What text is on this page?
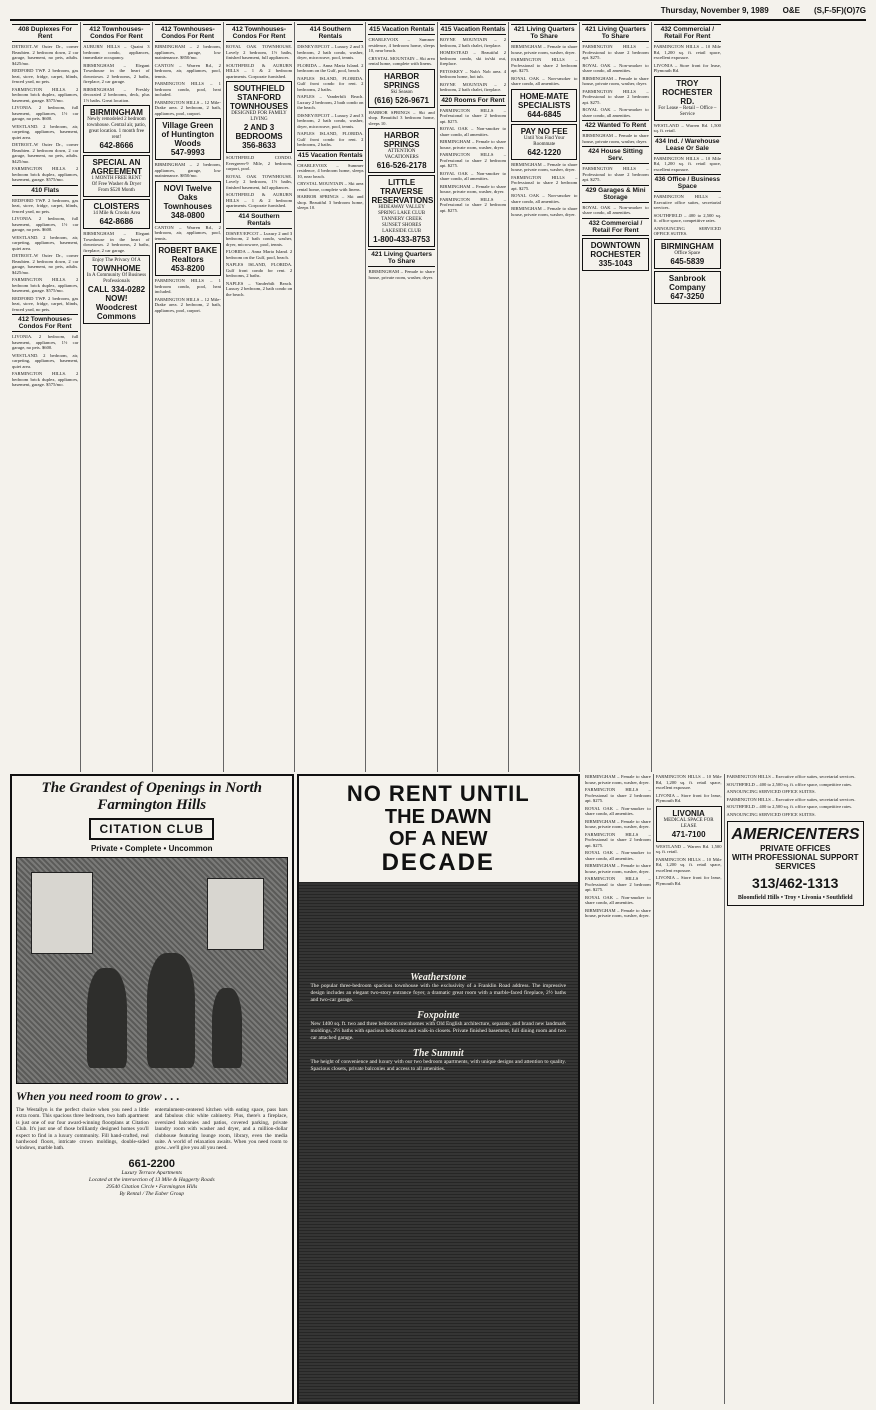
Thursday, November 9, 1989 O&E (S,F-5F)(O)7G
408 Duplexes For Rent
DETROIT–W Outer Dr., corner Beaubien. 2 bedroom down, 2 car garage, basement, no pets, adults. $425/mo.
REDFORD TWP. 2 bedroom, gas heat, stove, fridge, carpet, blinds, fenced yard, no pets.
FARMINGTON HILLS. 2 bedroom brick duplex, appliances, basement, garage. $575/mo.
LIVONIA. 2 bedroom, full basement, appliances, 1½ car garage, no pets. $600.
WESTLAND. 2 bedroom, air, carpeting, appliances, basement, quiet area.
DETROIT–W Outer Dr., corner Beaubien. 2 bedroom down, 2 car garage, basement, no pets, adults. $425/mo.
FARMINGTON HILLS. 2 bedroom brick duplex, appliances, basement, garage. $575/mo.
410 Flats
REDFORD TWP. 2 bedroom, gas heat, stove, fridge, carpet, blinds, fenced yard, no pets.
LIVONIA. 2 bedroom, full basement, appliances, 1½ car garage, no pets. $600.
WESTLAND. 2 bedroom, air, carpeting, appliances, basement, quiet area.
DETROIT–W Outer Dr., corner Beaubien. 2 bedroom down, 2 car garage, basement, no pets, adults. $425/mo.
FARMINGTON HILLS. 2 bedroom brick duplex, appliances, basement, garage. $575/mo.
REDFORD TWP. 2 bedroom, gas heat, stove, fridge, carpet, blinds, fenced yard, no pets.
412 Townhouses-Condos For Rent
LIVONIA. 2 bedroom, full basement, appliances, 1½ car garage, no pets. $600.
WESTLAND. 2 bedroom, air, carpeting, appliances, basement, quiet area.
FARMINGTON HILLS. 2 bedroom brick duplex, appliances, basement, garage. $575/mo.
412 Townhouses-Condos For Rent
AUBURN HILLS – Quaint 3 bedroom condo, appliances, immediate occupancy.
BIRMINGHAM – Elegant Townhouse in the heart of downtown. 2 bedrooms, 2 baths, fireplace, 2 car garage.
BIRMINGHAM – Freshly decorated 2 bedrooms, deck, plus 1½ baths. Great location.
BIRMINGHAM
Newly remodeled 2 bedroom townhouse. Central air, patio, great location. 1 month free rent!
642-8666
SPECIAL AN AGREEMENT
1 MONTH FREE RENT
Of Free Washer & Dryer
From $520 Month
CLOISTERS
14 Mile & Crooks Area
642-8686
BIRMINGHAM – Elegant Townhouse in the heart of downtown. 2 bedrooms, 2 baths, fireplace, 2 car garage.
Enjoy The Privacy Of A
TOWNHOME
In A Community Of Business Professionals
CALL 334-0282 NOW!
Woodcrest Commons
412 Townhouses-Condos For Rent
BIRMINGHAM – 2 bedroom, appliances, garage, low maintenance. $850/mo.
CANTON – Warren Rd., 2 bedroom, air, appliances, pool, tennis.
FARMINGTON HILLS – 1 bedroom condo, pool, heat included.
FARMINGTON HILLS – 12 Mile-Drake area. 2 bedroom, 2 bath, appliances, pool, carport.
Village Green of Huntington Woods
547-9993
BIRMINGHAM – 2 bedroom, appliances, garage, low maintenance. $850/mo.
NOVI Twelve Oaks Townhouses
348-0800
CANTON – Warren Rd., 2 bedroom, air, appliances, pool, tennis.
ROBERT BAKE Realtors
453-8200
FARMINGTON HILLS – 1 bedroom condo, pool, heat included.
FARMINGTON HILLS – 12 Mile-Drake area. 2 bedroom, 2 bath, appliances, pool, carport.
412 Townhouses-Condos For Rent
ROYAL OAK TOWNHOUSE. Lovely 2 bedroom, 1½ baths, finished basement, full appliances.
SOUTHFIELD & AUBURN HILLS – 1 & 2 bedroom apartments. Corporate furnished.
SOUTHFIELD STANFORD TOWNHOUSES
DESIGNED FOR FAMILY LIVING
2 AND 3 BEDROOMS
356-8633
SOUTHFIELD CONDO. Evergreen-9 Mile, 2 bedroom, carport, pool.
ROYAL OAK TOWNHOUSE. Lovely 2 bedroom, 1½ baths, finished basement, full appliances.
SOUTHFIELD & AUBURN HILLS – 1 & 2 bedroom apartments. Corporate furnished.
414 Southern Rentals
DISNEY/EPCOT – Luxury 2 and 3 bedroom, 2 bath condo, washer, dryer, microwave, pool, tennis.
FLORIDA – Anna Maria Island. 2 bedroom on the Gulf, pool, beach.
NAPLES ISLAND, FLORIDA. Gulf front condo for rent. 2 bedrooms, 2 baths.
NAPLES – Vanderbilt Beach. Luxury 2 bedroom, 2 bath condo on the beach.
414 Southern Rentals
DISNEY/EPCOT – Luxury 2 and 3 bedroom, 2 bath condo, washer, dryer, microwave, pool, tennis.
FLORIDA – Anna Maria Island. 2 bedroom on the Gulf, pool, beach.
NAPLES ISLAND, FLORIDA. Gulf front condo for rent. 2 bedrooms, 2 baths.
NAPLES – Vanderbilt Beach. Luxury 2 bedroom, 2 bath condo on the beach.
DISNEY/EPCOT – Luxury 2 and 3 bedroom, 2 bath condo, washer, dryer, microwave, pool, tennis.
NAPLES ISLAND, FLORIDA. Gulf front condo for rent. 2 bedrooms, 2 baths.
415 Vacation Rentals
CHARLEVOIX – Summer residence, 4 bedroom home, sleeps 10, near beach.
CRYSTAL MOUNTAIN – Ski area rental home, complete with linens.
HARBOR SPRINGS – Ski and shop. Beautiful 3 bedroom home, sleeps 10.
415 Vacation Rentals
CHARLEVOIX – Summer residence, 4 bedroom home, sleeps 10, near beach.
CRYSTAL MOUNTAIN – Ski area rental home, complete with linens.
HARBOR SPRINGS
Ski Season
(616) 526-9671
HARBOR SPRINGS – Ski and shop. Beautiful 3 bedroom home, sleeps 10.
HARBOR SPRINGS
ATTENTION VACATIONERS
616-526-2178
LITTLE TRAVERSE RESERVATIONS
HIDEAWAY VALLEY
SPRING LAKE CLUB
TANNERY CREEK
SUNSET SHORES
LAKESIDE CLUB
1-800-433-8753
421 Living Quarters To Share
BIRMINGHAM – Female to share house, private room, washer, dryer.
415 Vacation Rentals
BOYNE MOUNTAIN – 2 bedroom, 2 bath chalet, fireplace.
HOMESTEAD – Beautiful 2 bedroom condo, ski in/ski out, fireplace.
PETOSKEY – Nub's Nob area. 4 bedroom home, hot tub.
BOYNE MOUNTAIN – 2 bedroom, 2 bath chalet, fireplace.
420 Rooms For Rent
FARMINGTON HILLS – Professional to share 2 bedroom apt. $275.
ROYAL OAK – Non-smoker to share condo, all amenities.
BIRMINGHAM – Female to share house, private room, washer, dryer.
FARMINGTON HILLS – Professional to share 2 bedroom apt. $275.
ROYAL OAK – Non-smoker to share condo, all amenities.
BIRMINGHAM – Female to share house, private room, washer, dryer.
FARMINGTON HILLS – Professional to share 2 bedroom apt. $275.
421 Living Quarters To Share
BIRMINGHAM – Female to share house, private room, washer, dryer.
FARMINGTON HILLS – Professional to share 2 bedroom apt. $275.
ROYAL OAK – Non-smoker to share condo, all amenities.
HOME-MATE SPECIALISTS
644-6845
PAY NO FEE
Until You Find Your Roommate
642-1220
BIRMINGHAM – Female to share house, private room, washer, dryer.
FARMINGTON HILLS – Professional to share 2 bedroom apt. $275.
ROYAL OAK – Non-smoker to share condo, all amenities.
BIRMINGHAM – Female to share house, private room, washer, dryer.
421 Living Quarters To Share
FARMINGTON HILLS – Professional to share 2 bedroom apt. $275.
ROYAL OAK – Non-smoker to share condo, all amenities.
BIRMINGHAM – Female to share house, private room, washer, dryer.
FARMINGTON HILLS – Professional to share 2 bedroom apt. $275.
ROYAL OAK – Non-smoker to share condo, all amenities.
422 Wanted To Rent
BIRMINGHAM – Female to share house, private room, washer, dryer.
424 House Sitting Serv.
FARMINGTON HILLS – Professional to share 2 bedroom apt. $275.
429 Garages & Mini Storage
ROYAL OAK – Non-smoker to share condo, all amenities.
432 Commercial / Retail For Rent
DOWNTOWN ROCHESTER
335-1043
432 Commercial / Retail For Rent
FARMINGTON HILLS – 10 Mile Rd, 1,200 sq. ft. retail space, excellent exposure.
LIVONIA – Store front for lease, Plymouth Rd.
TROY ROCHESTER RD.
For Lease – Retail – Office – Service
WESTLAND – Warren Rd. 1,500 sq. ft. retail.
434 Ind. / Warehouse Lease Or Sale
FARMINGTON HILLS – 10 Mile Rd, 1,200 sq. ft. retail space, excellent exposure.
436 Office / Business Space
FARMINGTON HILLS – Executive office suites, secretarial services.
SOUTHFIELD – 400 to 2,500 sq. ft. office space, competitive rates.
ANNOUNCING SERVICED OFFICE SUITES.
BIRMINGHAM
Office Space
645-5839
Sanbrook Company
647-3250
The Grandest of Openings in North Farmington Hills
CITATION CLUB
Private • Complete • Uncommon
When you need room to grow . . .
The Westallyn is the perfect choice when you need a little extra room. This spacious three bedroom, two bath apartment is just one of our four award-winning floorplans at Citation Club. It's just one of those brilliantly designed homes you'll expect to find in a luxury community. Fill hand-crafted, real hardwood floors, intricate crown moldings, double-sided windows, marble bath.
entertainment-centered kitchen with eating space, pass bars and fabulous chic white cabinetry. Plus, there's a fireplace, oversized balconies and patios, covered parking, private laundry room with washer and dryer, and a million-dollar clubhouse featuring lounge room, library, even the media suite. A world of relaxation awaits. When you need room to grow...we'll give you all you need.
661-2200
Luxury Terrace Apartments
Located at the intersection of 13 Mile & Haggerty Roads
29540 Citation Circle • Farmington Hills
By Rental / The Eaber Group
NO RENT UNTIL
THE DAWN
OF A NEW
DECADE
Weatherstone
The popular three-bedroom spacious townhouse with the exclusivity of a Franklin Road address. The impressive design includes an elegant two-story entrance foyer, a dramatic great room with a marble-faced fireplace, 2½ baths and two-car garage.
Foxpointe
New 1400 sq. ft. two and three bedroom townhomes with Old English architecture, separate, and brand new landmark moldings, 2½ baths with spacious bedrooms and walk-in closets. Private finished basement, full dining room and two car attached garage.
The Summit
The height of convenience and luxury with our two bedroom apartments, with unique designs and attention to quality. Spacious closets, private balconies and access to all amenities.
BIRMINGHAM – Female to share house, private room, washer, dryer.
FARMINGTON HILLS – Professional to share 2 bedroom apt. $275.
ROYAL OAK – Non-smoker to share condo, all amenities.
BIRMINGHAM – Female to share house, private room, washer, dryer.
FARMINGTON HILLS – Professional to share 2 bedroom apt. $275.
ROYAL OAK – Non-smoker to share condo, all amenities.
BIRMINGHAM – Female to share house, private room, washer, dryer.
FARMINGTON HILLS – Professional to share 2 bedroom apt. $275.
ROYAL OAK – Non-smoker to share condo, all amenities.
BIRMINGHAM – Female to share house, private room, washer, dryer.
FARMINGTON HILLS – 10 Mile Rd, 1,200 sq. ft. retail space, excellent exposure.
LIVONIA – Store front for lease, Plymouth Rd.
LIVONIA
MEDICAL SPACE FOR LEASE
471-7100
WESTLAND – Warren Rd. 1,500 sq. ft. retail.
FARMINGTON HILLS – 10 Mile Rd, 1,200 sq. ft. retail space, excellent exposure.
LIVONIA – Store front for lease, Plymouth Rd.
FARMINGTON HILLS – Executive office suites, secretarial services.
SOUTHFIELD – 400 to 2,500 sq. ft. office space, competitive rates.
ANNOUNCING SERVICED OFFICE SUITES.
FARMINGTON HILLS – Executive office suites, secretarial services.
SOUTHFIELD – 400 to 2,500 sq. ft. office space, competitive rates.
ANNOUNCING SERVICED OFFICE SUITES.
AMERICENTERS
PRIVATE OFFICES
WITH PROFESSIONAL SUPPORT SERVICES
313/462-1313
Bloomfield Hills • Troy • Livonia • Southfield
